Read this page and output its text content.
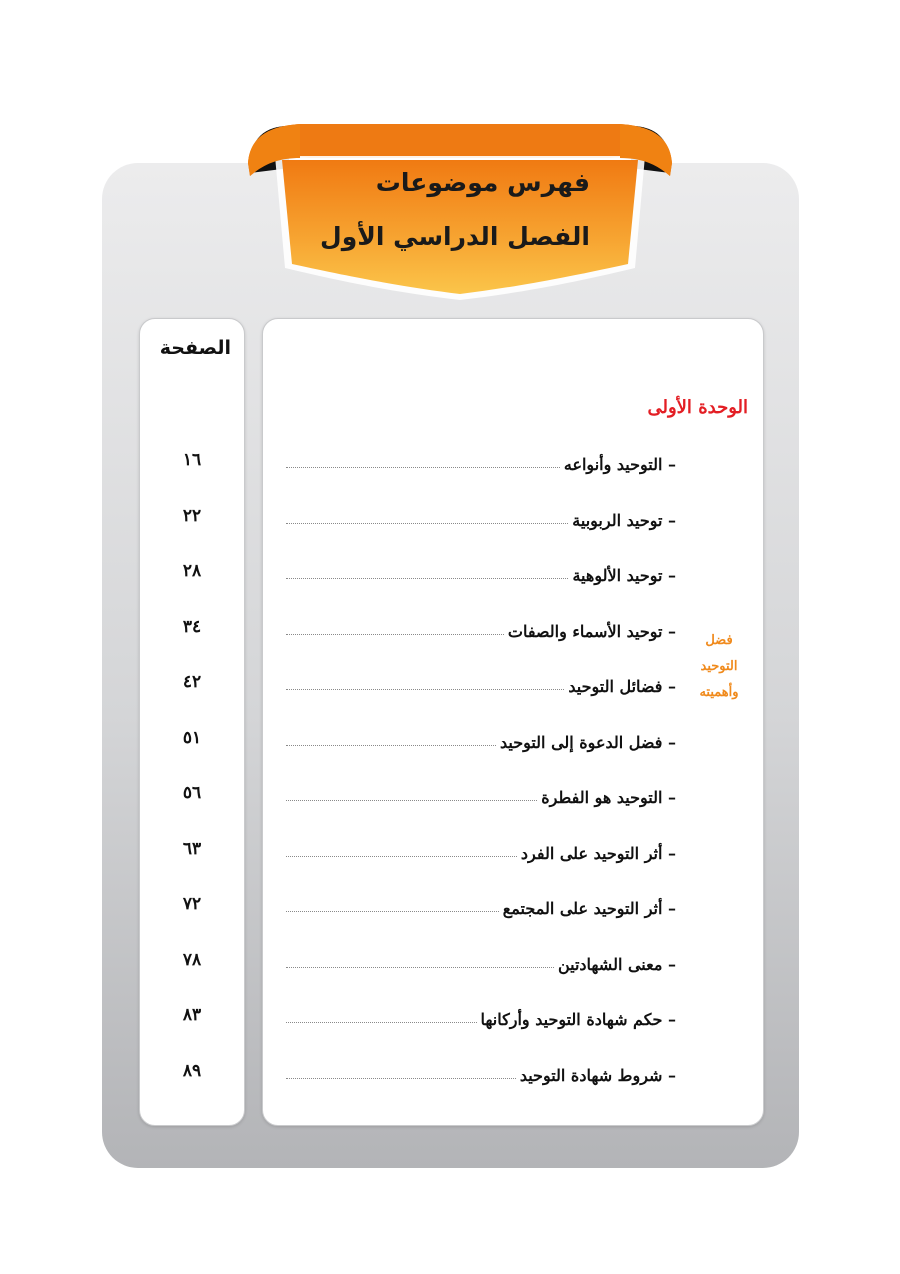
فهرس موضوعات
الفصل الدراسي الأول
الصفحة
الوحدة الأولى
فضل
التوحيد
وأهميته
– التوحيد وأنواعه
١٦
– توحيد الربوبية
٢٢
– توحيد الألوهية
٢٨
– توحيد الأسماء والصفات
٣٤
– فضائل التوحيد
٤٢
– فضل الدعوة إلى التوحيد
٥١
– التوحيد هو الفطرة
٥٦
– أثر التوحيد على الفرد
٦٣
– أثر التوحيد على المجتمع
٧٢
– معنى الشهادتين
٧٨
– حكم شهادة التوحيد وأركانها
٨٣
– شروط شهادة التوحيد
٨٩
